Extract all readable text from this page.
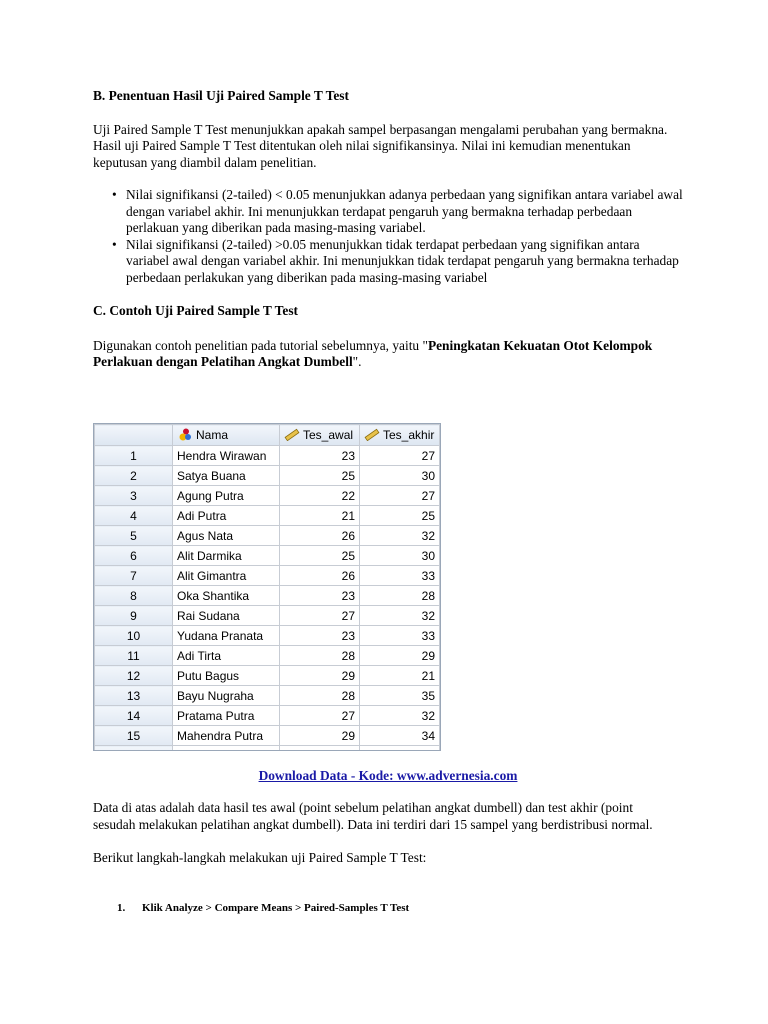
B. Penentuan Hasil Uji Paired Sample T Test

Uji Paired Sample T Test menunjukkan apakah sampel berpasangan mengalami perubahan yang bermakna. Hasil uji Paired Sample T Test ditentukan oleh nilai signifikansinya. Nilai ini kemudian menentukan keputusan yang diambil dalam penelitian.

• Nilai signifikansi (2-tailed) < 0.05 menunjukkan adanya perbedaan yang signifikan antara variabel awal dengan variabel akhir. Ini menunjukkan terdapat pengaruh yang bermakna terhadap perbedaan perlakuan yang diberikan pada masing-masing variabel.
• Nilai signifikansi (2-tailed) >0.05 menunjukkan tidak terdapat perbedaan yang signifikan antara variabel awal dengan variabel akhir. Ini menunjukkan tidak terdapat pengaruh yang bermakna terhadap perbedaan perlakukan yang diberikan pada masing-masing variabel
C. Contoh Uji Paired Sample T Test

Digunakan contoh penelitian pada tutorial sebelumnya, yaitu "Peningkatan Kekuatan Otot Kelompok Perlakuan dengan Pelatihan Angkat Dumbell".

	Nama	Tes_awal	Tes_akhir
1	Hendra Wirawan	23	27
2	Satya Buana	25	30
3	Agung Putra	22	27
4	Adi Putra	21	25
5	Agus Nata	26	32
6	Alit Darmika	25	30
7	Alit Gimantra	26	33
8	Oka Shantika	23	28
9	Rai Sudana	27	32
10	Yudana Pranata	23	33
11	Adi Tirta	28	29
12	Putu Bagus	29	21
13	Bayu Nugraha	28	35
14	Pratama Putra	27	32
15	Mahendra Putra	29	34

Download Data - Kode: www.advernesia.com

Data di atas adalah data hasil tes awal (point sebelum pelatihan angkat dumbell) dan test akhir (point sesudah melakukan pelatihan angkat dumbell). Data ini terdiri dari 15 sampel yang berdistribusi normal.

Berikut langkah-langkah melakukan uji Paired Sample T Test:

1. Klik Analyze > Compare Means > Paired-Samples T Test
